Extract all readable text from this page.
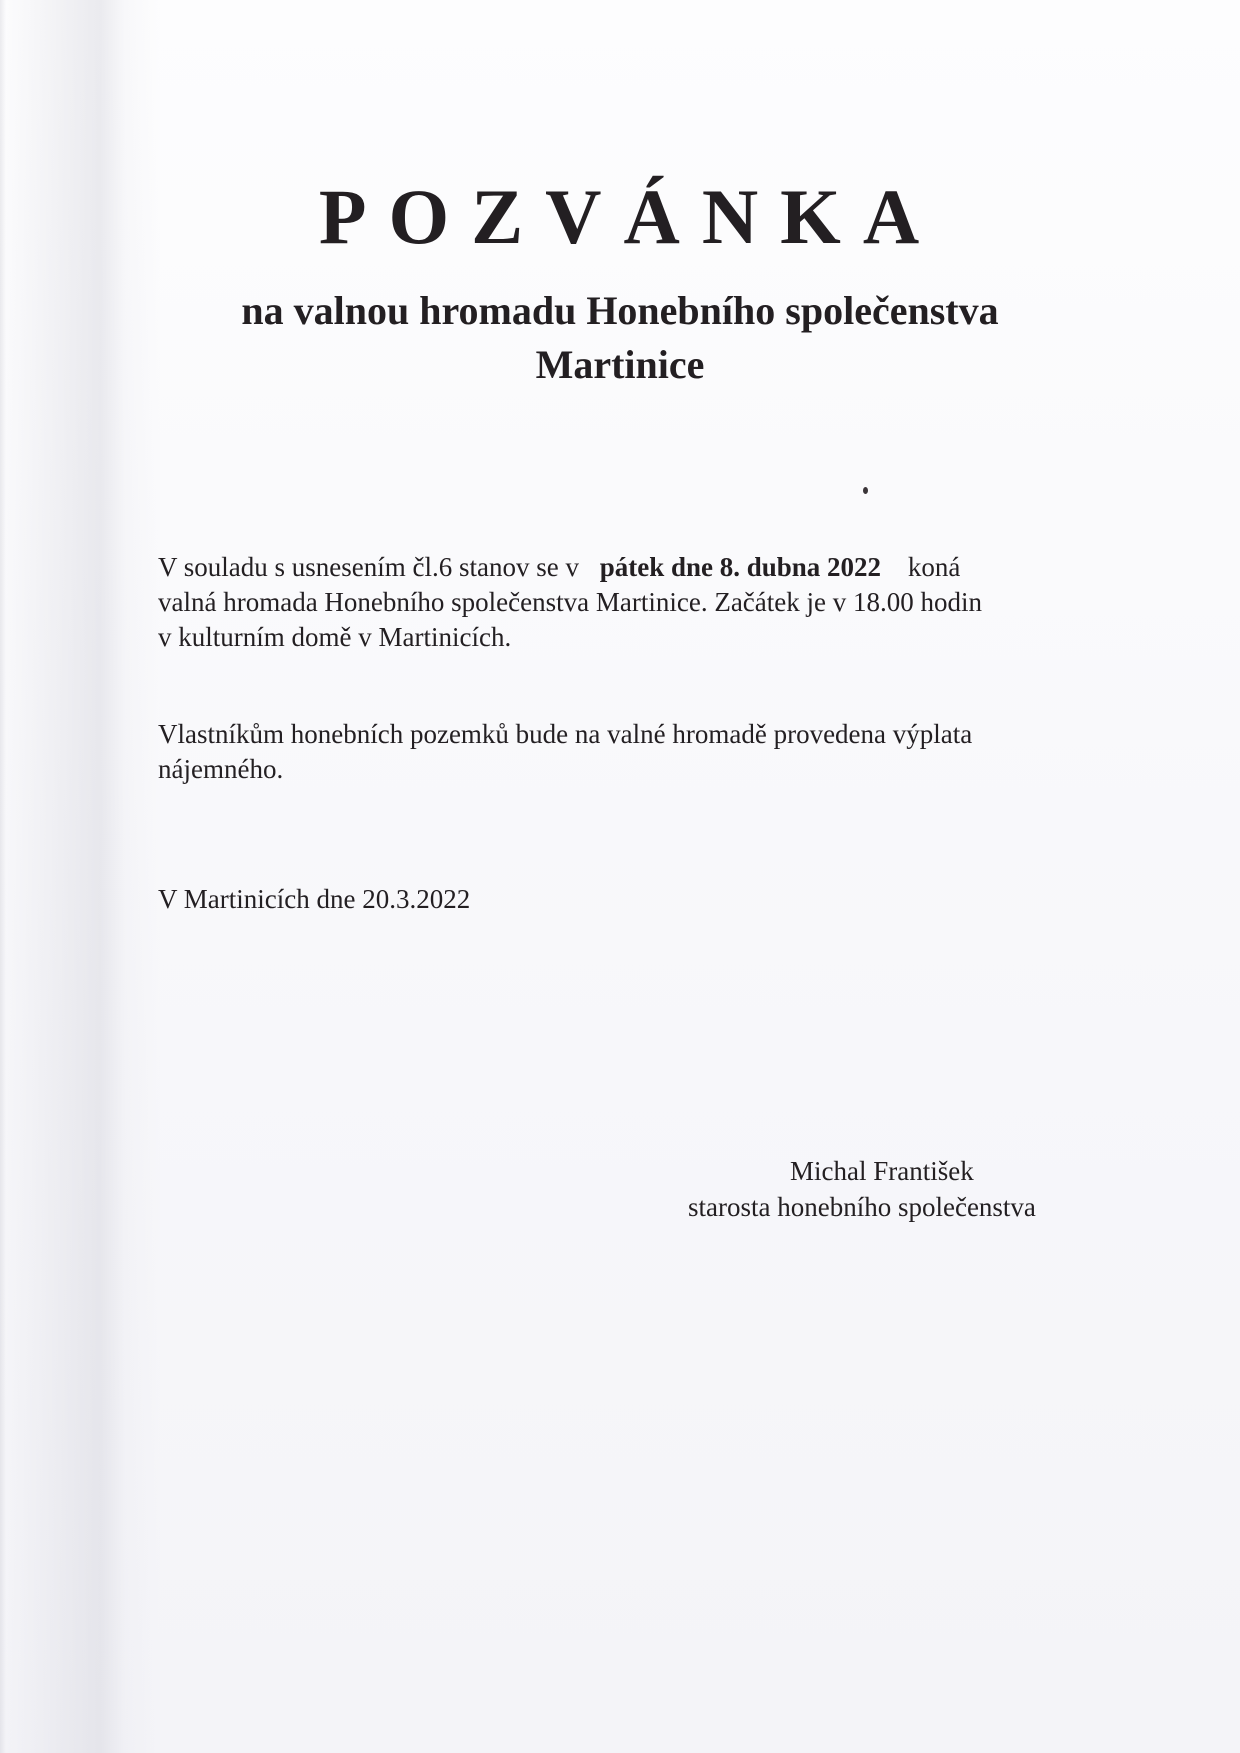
POZVÁNKA
na valnou hromadu Honebního společenstva
Martinice
V souladu s usnesením čl.6 stanov se v pátek dne 8. dubna 2022 koná
valná hromada Honebního společenstva Martinice. Začátek je v 18.00 hodin
v kulturním domě v Martinicích.
Vlastníkům honebních pozemků bude na valné hromadě provedena výplata
nájemného.
V Martinicích dne 20.3.2022
Michal František
starosta honebního společenstva
